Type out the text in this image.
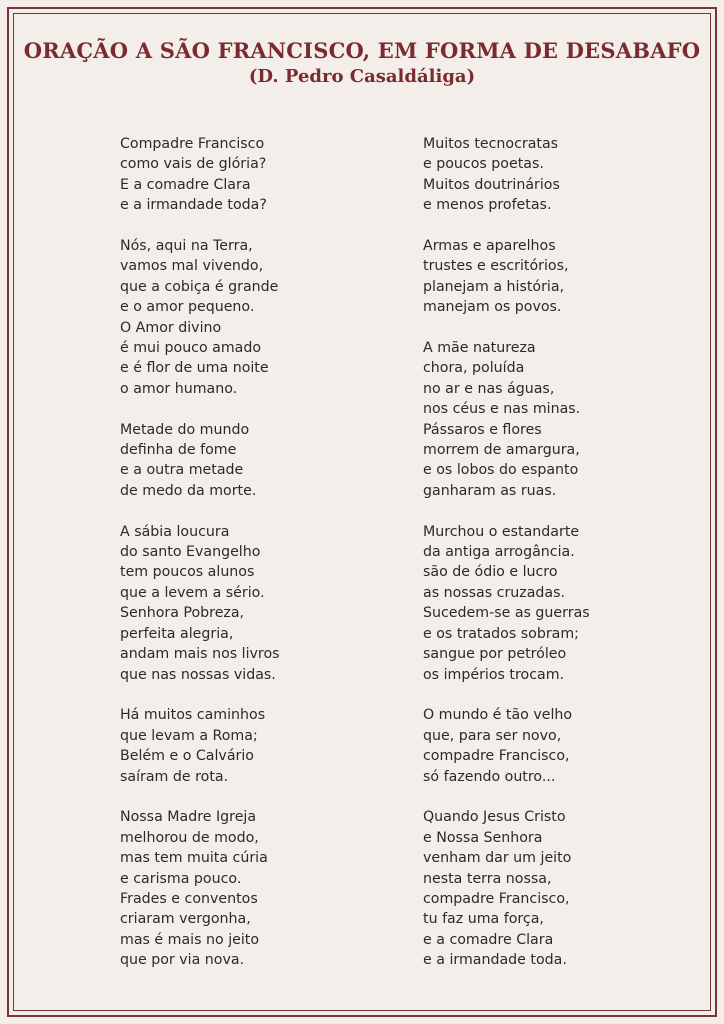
ORAÇÃO A SÃO FRANCISCO, EM FORMA DE DESABAFO
(D. Pedro Casaldáliga)
Compadre Francisco
como vais de glória?
E a comadre Clara
e a irmandade toda?
Nós, aqui na Terra,
vamos mal vivendo,
que a cobiça é grande
e o amor pequeno.
O Amor divino
é mui pouco amado
e é flor de uma noite
o amor humano.
Metade do mundo
definha de fome
e a outra metade
de medo da morte.
A sábia loucura
do santo Evangelho
tem poucos alunos
que a levem a sério.
Senhora Pobreza,
perfeita alegria,
andam mais nos livros
que nas nossas vidas.
Há muitos caminhos
que levam a Roma;
Belém e o Calvário
saíram de rota.
Nossa Madre Igreja
melhorou de modo,
mas tem muita cúria
e carisma pouco.
Frades e conventos
criaram vergonha,
mas é mais no jeito
que por via nova.
Muitos tecnocratas
e poucos poetas.
Muitos doutrinários
e menos profetas.
Armas e aparelhos
trustes e escritórios,
planejam a história,
manejam os povos.
A mãe natureza
chora, poluída
no ar e nas águas,
nos céus e nas minas.
Pássaros e flores
morrem de amargura,
e os lobos do espanto
ganharam as ruas.
Murchou o estandarte
da antiga arrogância.
são de ódio e lucro
as nossas cruzadas.
Sucedem-se as guerras
e os tratados sobram;
sangue por petróleo
os impérios trocam.
O mundo é tão velho
que, para ser novo,
compadre Francisco,
só fazendo outro...
Quando Jesus Cristo
e Nossa Senhora
venham dar um jeito
nesta terra nossa,
compadre Francisco,
tu faz uma força,
e a comadre Clara
e a irmandade toda.
